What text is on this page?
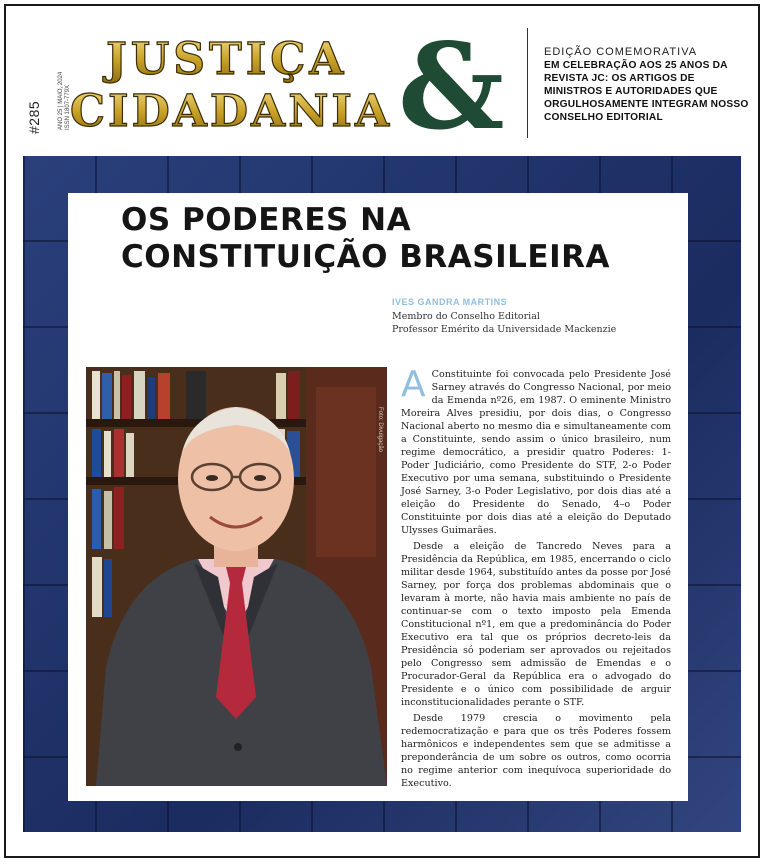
#285	ANO 25 | MAIO, 2024 ISSN 1807-779X	&
JUSTIÇA
CIDADANIA
EDIÇÃO COMEMORATIVA
EM CELEBRAÇÃO AOS 25 ANOS DA REVISTA JC: OS ARTIGOS DE MINISTROS E AUTORIDADES QUE ORGULHOSAMENTE INTEGRAM NOSSO CONSELHO EDITORIAL
OS PODERES NA
CONSTITUIÇÃO BRASILEIRA
IVES GANDRA MARTINS
Membro do Conselho Editorial
Professor Emérito da Universidade Mackenzie
Foto: Divulgação

A Constituinte foi convocada pelo Presidente José Sarney através do Congresso Nacional, por meio da Emenda nº26, em 1987. O eminente Ministro Moreira Alves presidiu, por dois dias, o Congresso Nacional aberto no mesmo dia e simultaneamente com a Constituinte, sendo assim o único brasileiro, num regime democrático, a presidir quatro Poderes: 1-Poder Judiciário, como Presidente do STF, 2-o Poder Executivo por uma semana, substituindo o Presidente José Sarney, 3-o Poder Legislativo, por dois dias até a eleição do Presidente do Senado, 4–o Poder Constituinte por dois dias até a eleição do Deputado Ulysses Guimarães.

Desde a eleição de Tancredo Neves para a Presidência da República, em 1985, encerrando o ciclo militar desde 1964, substituído antes da posse por José Sarney, por força dos problemas abdominais que o levaram à morte, não havia mais ambiente no país de continuar-se com o texto imposto pela Emenda Constitucional nº1, em que a predominância do Poder Executivo era tal que os próprios decreto-leis da Presidência só poderiam ser aprovados ou rejeitados pelo Congresso sem admissão de Emendas e o Procurador-Geral da República era o advogado do Presidente e o único com possibilidade de arguir inconstitucionalidades perante o STF.

Desde 1979 crescia o movimento pela redemocratização e para que os três Poderes fossem harmônicos e independentes sem que se admitisse a preponderância de um sobre os outros, como ocorria no regime anterior com inequívoca superioridade do Executivo.
